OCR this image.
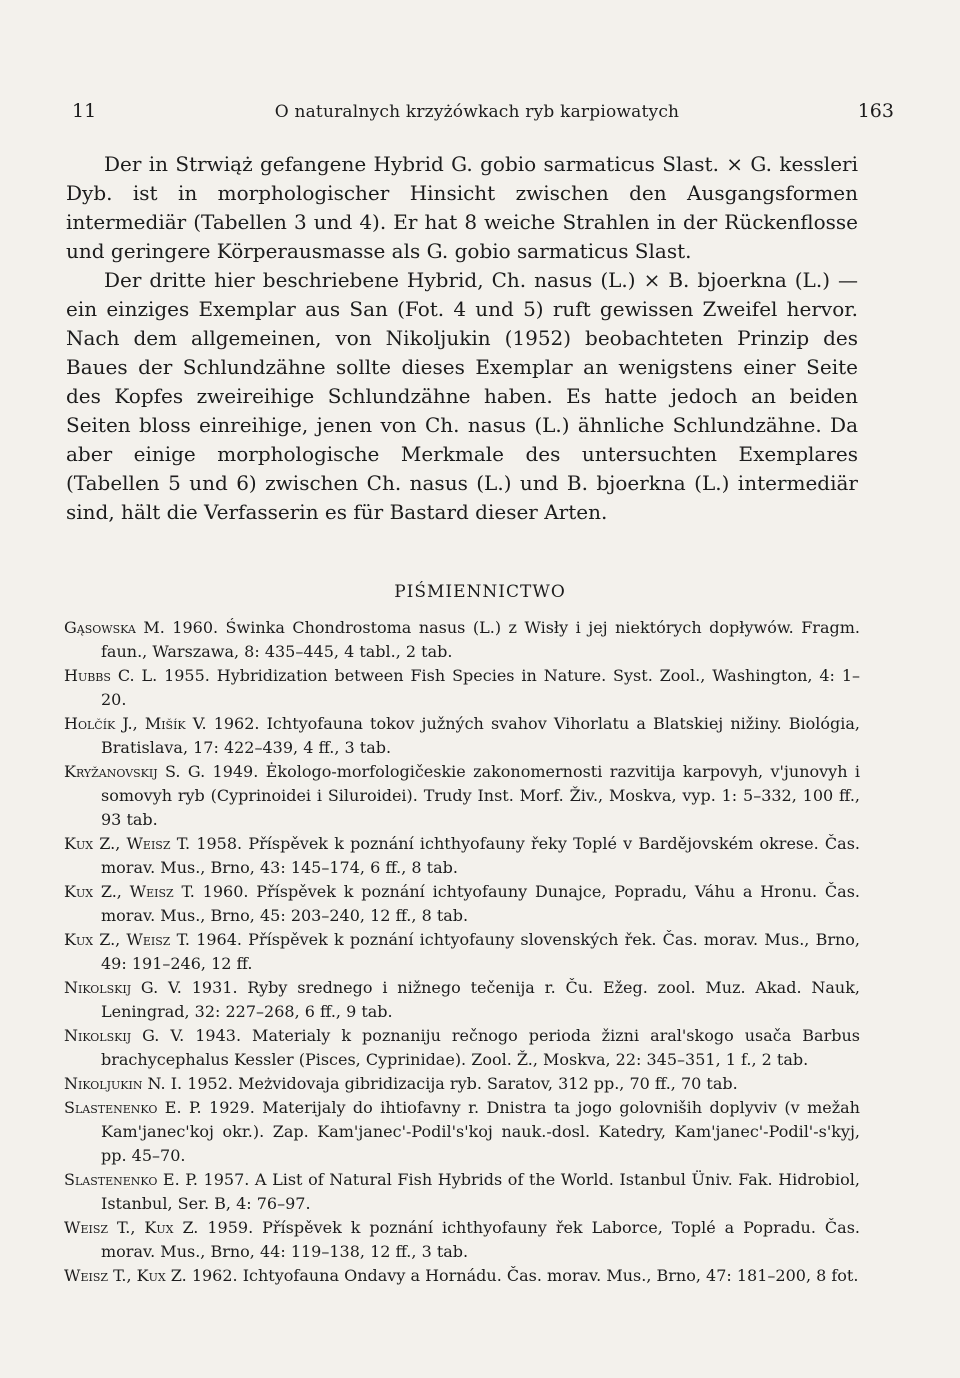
11	O naturalnych krzyżówkach ryb karpiowatych	163

Der in Strwiąż gefangene Hybrid G. gobio sarmaticus Slast. × G. kessleri Dyb. ist in morphologischer Hinsicht zwischen den Ausgangsformen intermediär (Tabellen 3 und 4). Er hat 8 weiche Strahlen in der Rückenflosse und geringere Körperausmasse als G. gobio sarmaticus Slast.

Der dritte hier beschriebene Hybrid, Ch. nasus (L.) × B. bjoerkna (L.) —ein einziges Exemplar aus San (Fot. 4 und 5) ruft gewissen Zweifel hervor. Nach dem allgemeinen, von Nikoljukin (1952) beobachteten Prinzip des Baues der Schlundzähne sollte dieses Exemplar an wenigstens einer Seite des Kopfes zweireihige Schlundzähne haben. Es hatte jedoch an beiden Seiten bloss einreihige, jenen von Ch. nasus (L.) ähnliche Schlundzähne. Da aber einige morphologische Merkmale des untersuchten Exemplares (Tabellen 5 und 6) zwischen Ch. nasus (L.) und B. bjoerkna (L.) intermediär sind, hält die Verfasserin es für Bastard dieser Arten.

PIŚMIENNICTWO

Gąsowska M. 1960. Świnka Chondrostoma nasus (L.) z Wisły i jej niektórych dopływów. Fragm. faun., Warszawa, 8: 435–445, 4 tabl., 2 tab.

Hubbs C. L. 1955. Hybridization between Fish Species in Nature. Syst. Zool., Washington, 4: 1–20.

Holčík J., Mišík V. 1962. Ichtyofauna tokov južných svahov Vihorlatu a Blatskiej nižiny. Biológia, Bratislava, 17: 422–439, 4 ff., 3 tab.

Kryžanovskij S. G. 1949. Ėkologo-morfologičeskie zakonomernosti razvitija karpovyh, v'junovyh i somovyh ryb (Cyprinoidei i Siluroidei). Trudy Inst. Morf. Živ., Moskva, vyp. 1: 5–332, 100 ff., 93 tab.

Kux Z., Weisz T. 1958. Příspěvek k poznání ichthyofauny řeky Toplé v Bardějovském okrese. Čas. morav. Mus., Brno, 43: 145–174, 6 ff., 8 tab.

Kux Z., Weisz T. 1960. Příspěvek k poznání ichtyofauny Dunajce, Popradu, Váhu a Hronu. Čas. morav. Mus., Brno, 45: 203–240, 12 ff., 8 tab.

Kux Z., Weisz T. 1964. Příspěvek k poznání ichtyofauny slovenských řek. Čas. morav. Mus., Brno, 49: 191–246, 12 ff.

Nikolskij G. V. 1931. Ryby srednego i nižnego tečenija r. Ču. Ežeg. zool. Muz. Akad. Nauk, Leningrad, 32: 227–268, 6 ff., 9 tab.

Nikolskij G. V. 1943. Materialy k poznaniju rečnogo perioda žizni aral'skogo usača Barbus brachycephalus Kessler (Pisces, Cyprinidae). Zool. Ž., Moskva, 22: 345–351, 1 f., 2 tab.

Nikoljukin N. I. 1952. Meżvidovaja gibridizacija ryb. Saratov, 312 pp., 70 ff., 70 tab.

Slastenenko E. P. 1929. Materijaly do ihtiofavny r. Dnistra ta jogo golovniših doplyviv (v mežah Kam'janec'koj okr.). Zap. Kam'janec'-Podil's'koj nauk.-dosl. Katedry, Kam'janec'-Podil'-s'kyj, pp. 45–70.

Slastenenko E. P. 1957. A List of Natural Fish Hybrids of the World. Istanbul Üniv. Fak. Hidrobiol, Istanbul, Ser. B, 4: 76–97.

Weisz T., Kux Z. 1959. Příspěvek k poznání ichthyofauny řek Laborce, Toplé a Popradu. Čas. morav. Mus., Brno, 44: 119–138, 12 ff., 3 tab.

Weisz T., Kux Z. 1962. Ichtyofauna Ondavy a Hornádu. Čas. morav. Mus., Brno, 47: 181–200, 8 fot.
